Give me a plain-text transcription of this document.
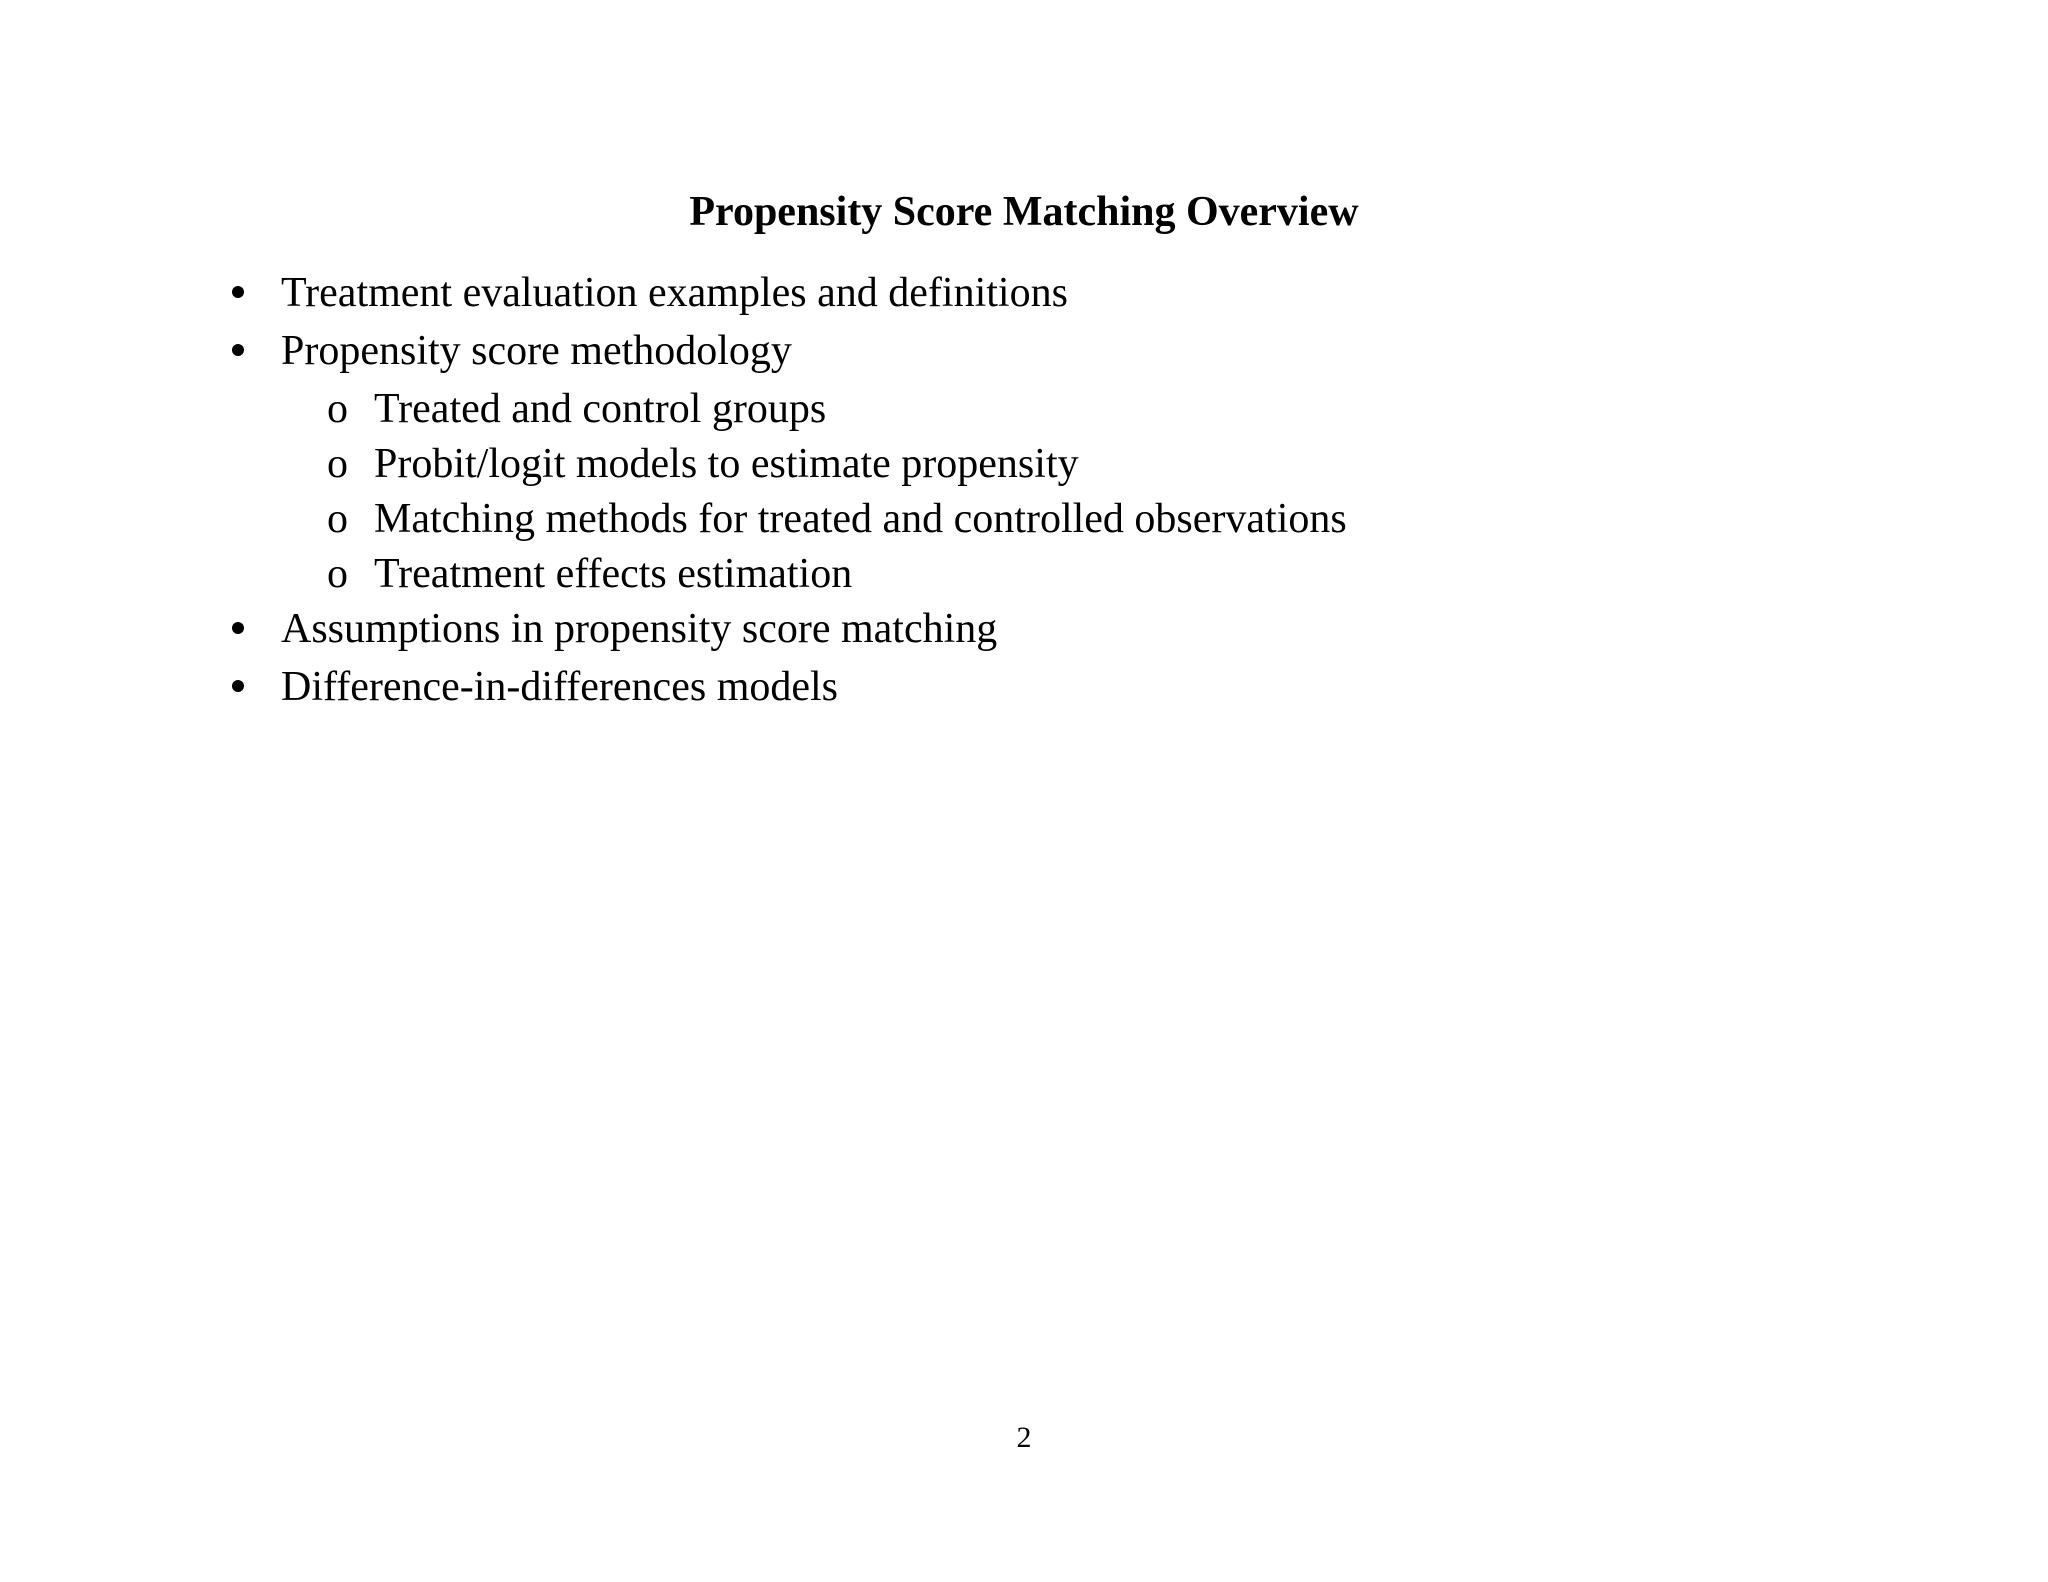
Propensity Score Matching Overview
Treatment evaluation examples and definitions
Propensity score methodology
o Treated and control groups
o Probit/logit models to estimate propensity
o Matching methods for treated and controlled observations
o Treatment effects estimation
Assumptions in propensity score matching
Difference-in-differences models
2
